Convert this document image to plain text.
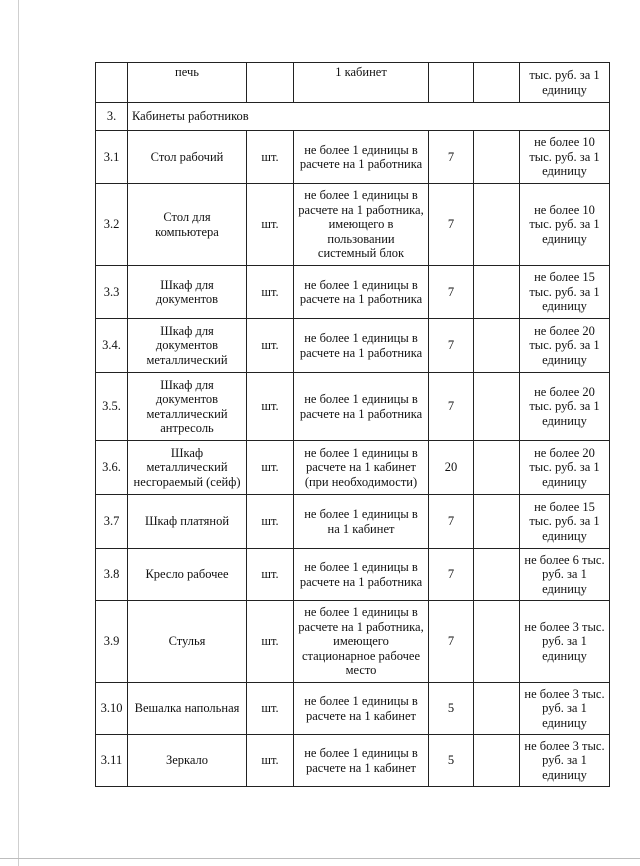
	печь		1 кабинет			тыс. руб. за 1 единицу
3.	Кабинеты работников					
3.1	Стол рабочий	шт.	не более 1 единицы в расчете на 1 работника	7		не более 10 тыс. руб. за 1 единицу
3.2	Стол для компьютера	шт.	не более 1 единицы в расчете на 1 работника, имеющего в пользовании системный блок	7		не более 10 тыс. руб. за 1 единицу
3.3	Шкаф для документов	шт.	не более 1 единицы в расчете на 1 работника	7		не более 15 тыс. руб. за 1 единицу
3.4.	Шкаф для документов металлический	шт.	не более 1 единицы в расчете на 1 работника	7		не более 20 тыс. руб. за 1 единицу
3.5.	Шкаф для документов металлический антресоль	шт.	не более 1 единицы в расчете на 1 работника	7		не более 20 тыс. руб. за 1 единицу
3.6.	Шкаф металлический несгораемый (сейф)	шт.	не более 1 единицы в расчете на 1 кабинет (при необходимости)	20		не более 20 тыс. руб. за 1 единицу
3.7	Шкаф платяной	шт.	не более 1 единицы в на 1 кабинет	7		не более 15 тыс. руб. за 1 единицу
3.8	Кресло рабочее	шт.	не более 1 единицы в расчете на 1 работника	7		не более 6 тыс. руб. за 1 единицу
3.9	Стулья	шт.	не более 1 единицы в расчете на 1 работника, имеющего стационарное рабочее место	7		не более 3 тыс. руб. за 1 единицу
3.10	Вешалка напольная	шт.	не более 1 единицы в расчете на 1 кабинет	5		не более 3 тыс. руб. за 1 единицу
3.11	Зеркало	шт.	не более 1 единицы в расчете на 1 кабинет	5		не более 3 тыс. руб. за 1 единицу
